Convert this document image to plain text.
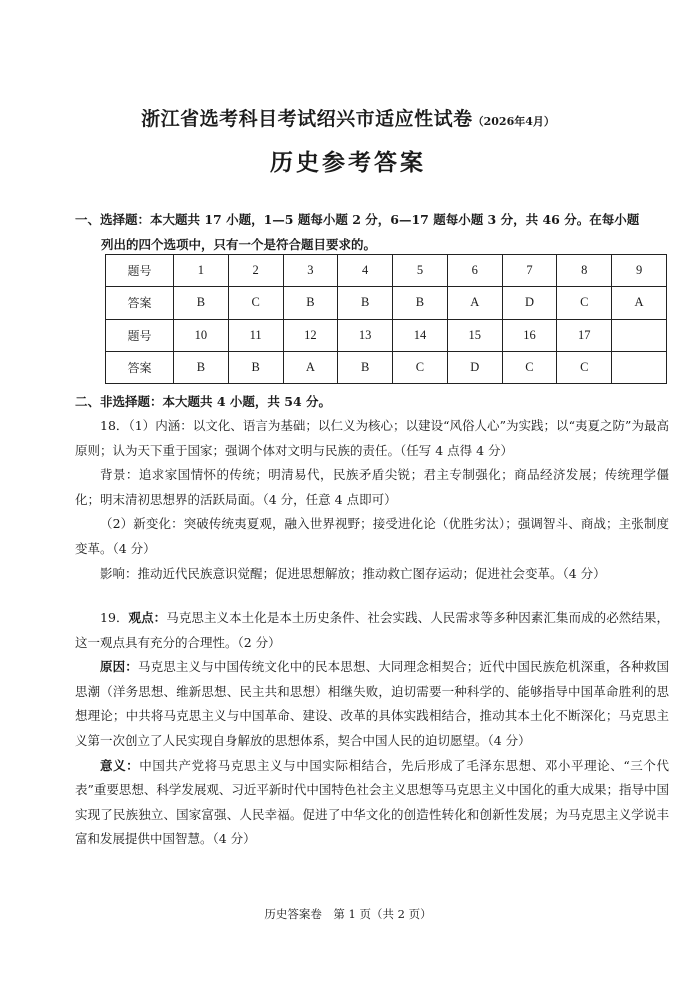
浙江省选考科目考试绍兴市适应性试卷（2026年4月）
历史参考答案
一、选择题：本大题共 17 小题，1—5 题每小题 2 分，6—17 题每小题 3 分，共 46 分。在每小题
列出的四个选项中，只有一个是符合题目要求的。
题号	1	2	3	4	5	6	7	8	9
答案	B	C	B	B	B	A	D	C	A
题号	10	11	12	13	14	15	16	17	
答案	B	B	A	B	C	D	C	C	
二、非选择题：本大题共 4 小题，共 54 分。

18．（1）内涵：以文化、语言为基础；以仁义为核心；以建设“风俗人心”为实践；以“夷夏之防”为最高原则；认为天下重于国家；强调个体对文明与民族的责任。（任写 4 点得 4 分）

背景：追求家国情怀的传统；明清易代，民族矛盾尖锐；君主专制强化；商品经济发展；传统理学僵化；明末清初思想界的活跃局面。（4 分，任意 4 点即可）

（2）新变化：突破传统夷夏观，融入世界视野；接受进化论（优胜劣汰）；强调智斗、商战；主张制度变革。（4 分）

影响：推动近代民族意识觉醒；促进思想解放；推动救亡图存运动；促进社会变革。（4 分）

19．观点：马克思主义本土化是本土历史条件、社会实践、人民需求等多种因素汇集而成的必然结果，这一观点具有充分的合理性。（2 分）

原因：马克思主义与中国传统文化中的民本思想、大同理念相契合；近代中国民族危机深重，各种救国思潮（洋务思想、维新思想、民主共和思想）相继失败，迫切需要一种科学的、能够指导中国革命胜利的思想理论；中共将马克思主义与中国革命、建设、改革的具体实践相结合，推动其本土化不断深化；马克思主义第一次创立了人民实现自身解放的思想体系，契合中国人民的迫切愿望。（4 分）

意义：中国共产党将马克思主义与中国实际相结合，先后形成了毛泽东思想、邓小平理论、“三个代表”重要思想、科学发展观、习近平新时代中国特色社会主义思想等马克思主义中国化的重大成果；指导中国实现了民族独立、国家富强、人民幸福。促进了中华文化的创造性转化和创新性发展；为马克思主义学说丰富和发展提供中国智慧。（4 分）

历史答案卷　第 1 页（共 2 页）
